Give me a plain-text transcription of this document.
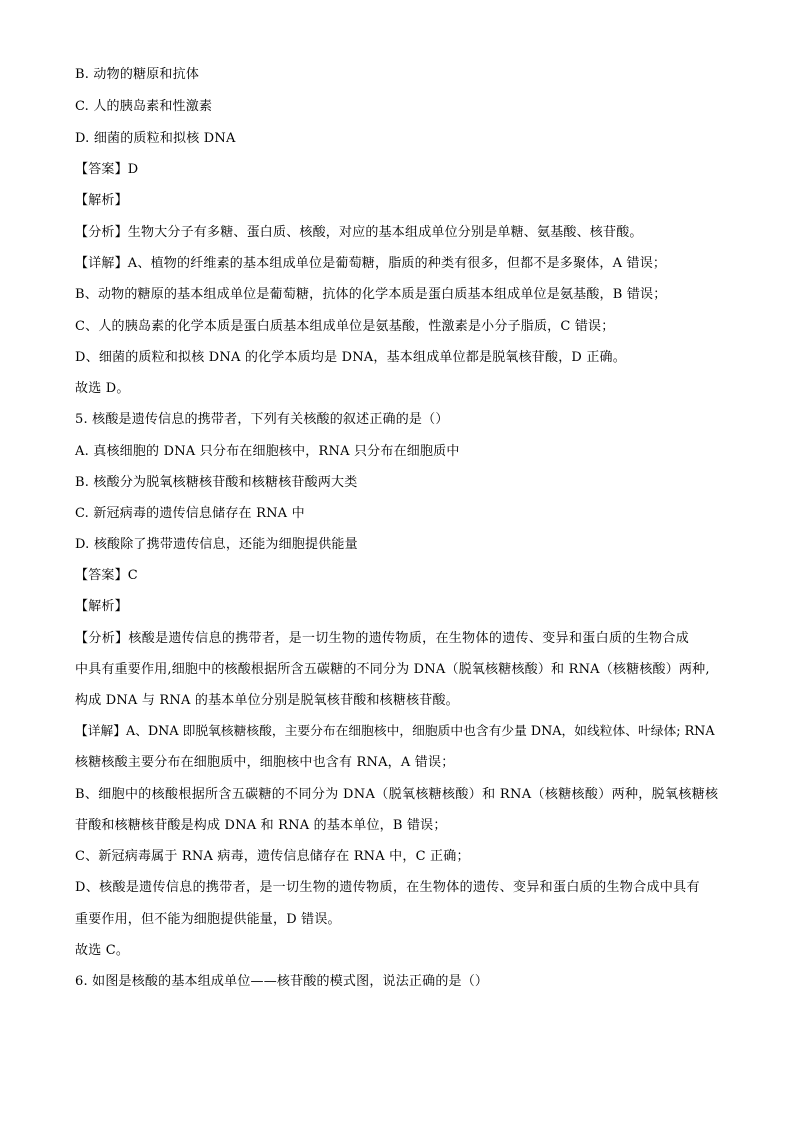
B. 动物的糖原和抗体
C. 人的胰岛素和性激素
D. 细菌的质粒和拟核 DNA
【答案】D
【解析】
【分析】生物大分子有多糖、蛋白质、核酸，对应的基本组成单位分别是单糖、氨基酸、核苷酸。
【详解】A、植物的纤维素的基本组成单位是葡萄糖，脂质的种类有很多，但都不是多聚体，A 错误；
B、动物的糖原的基本组成单位是葡萄糖，抗体的化学本质是蛋白质基本组成单位是氨基酸，B 错误；
C、人的胰岛素的化学本质是蛋白质基本组成单位是氨基酸，性激素是小分子脂质，C 错误；
D、细菌的质粒和拟核 DNA 的化学本质均是 DNA，基本组成单位都是脱氧核苷酸，D 正确。
故选 D。
5. 核酸是遗传信息的携带者，下列有关核酸的叙述正确的是（）
A. 真核细胞的 DNA 只分布在细胞核中，RNA 只分布在细胞质中
B. 核酸分为脱氧核糖核苷酸和核糖核苷酸两大类
C. 新冠病毒的遗传信息储存在 RNA 中
D. 核酸除了携带遗传信息，还能为细胞提供能量
【答案】C
【解析】
【分析】核酸是遗传信息的携带者，是一切生物的遗传物质，在生物体的遗传、变异和蛋白质的生物合成
中具有重要作用,细胞中的核酸根据所含五碳糖的不同分为 DNA（脱氧核糖核酸）和 RNA（核糖核酸）两种,
构成 DNA 与 RNA 的基本单位分别是脱氧核苷酸和核糖核苷酸。
【详解】A、DNA 即脱氧核糖核酸，主要分布在细胞核中，细胞质中也含有少量 DNA，如线粒体、叶绿体; RNA
核糖核酸主要分布在细胞质中，细胞核中也含有 RNA，A 错误；
B、细胞中的核酸根据所含五碳糖的不同分为 DNA（脱氧核糖核酸）和 RNA（核糖核酸）两种，脱氧核糖核
苷酸和核糖核苷酸是构成 DNA 和 RNA 的基本单位，B 错误；
C、新冠病毒属于 RNA 病毒，遗传信息储存在 RNA 中，C 正确；
D、核酸是遗传信息的携带者，是一切生物的遗传物质，在生物体的遗传、变异和蛋白质的生物合成中具有
重要作用，但不能为细胞提供能量，D 错误。
故选 C。
6. 如图是核酸的基本组成单位——核苷酸的模式图，说法正确的是（）
